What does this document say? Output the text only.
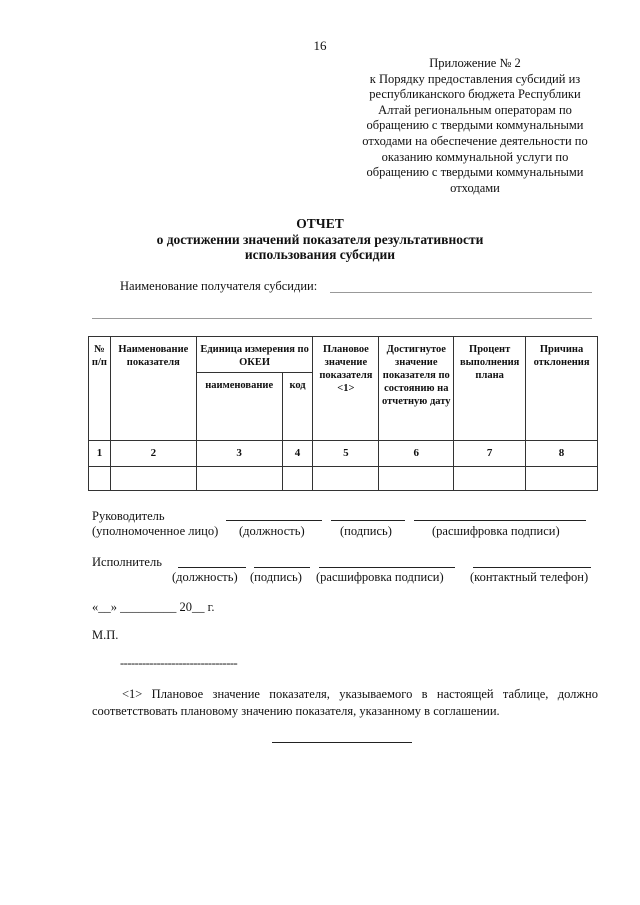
16
Приложение № 2
к Порядку предоставления субсидий из
республиканского бюджета Республики
Алтай региональным операторам по
обращению с твердыми коммунальными
отходами на обеспечение деятельности по
оказанию коммунальной услуги по
обращению с твердыми коммунальными
отходами
ОТЧЕТ
о достижении значений показателя результативности
использования субсидии
Наименование получателя субсидии:
№ п/п	Наименование показателя	Единица измерения по ОКЕИ		Плановое значение показателя <1>	Достигнутое значение показателя по состоянию на отчетную дату	Процент выполнения плана	Причина отклонения

		наименование	код				

1	2	3	4	5	6	7	8

Руководитель
(уполномоченное лицо) (должность)	(подпись)	(расшифровка подписи)
Исполнитель
(должность) (подпись) (расшифровка подписи) (контактный телефон)
«__» _________ 20__ г.
М.П.
--------------------------------
<1> Плановое значение показателя, указываемого в настоящей таблице, должно соответствовать плановому значению показателя, указанному в соглашении.
